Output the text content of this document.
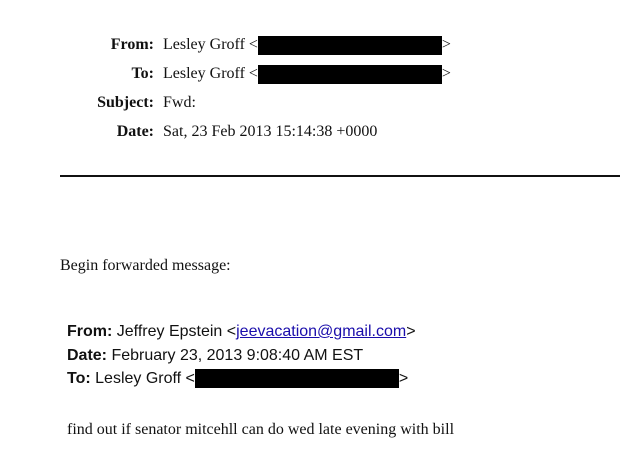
From: Lesley Groff <	>
To: Lesley Groff <	>
Subject: Fwd:
Date: Sat, 23 Feb 2013 15:14:38 +0000
Begin forwarded message:
From: Jeffrey Epstein <jeevacation@gmail.com>
Date: February 23, 2013 9:08:40 AM EST
To: Lesley Groff <	>
find out if senator mitcehll can do wed late evening with bill
